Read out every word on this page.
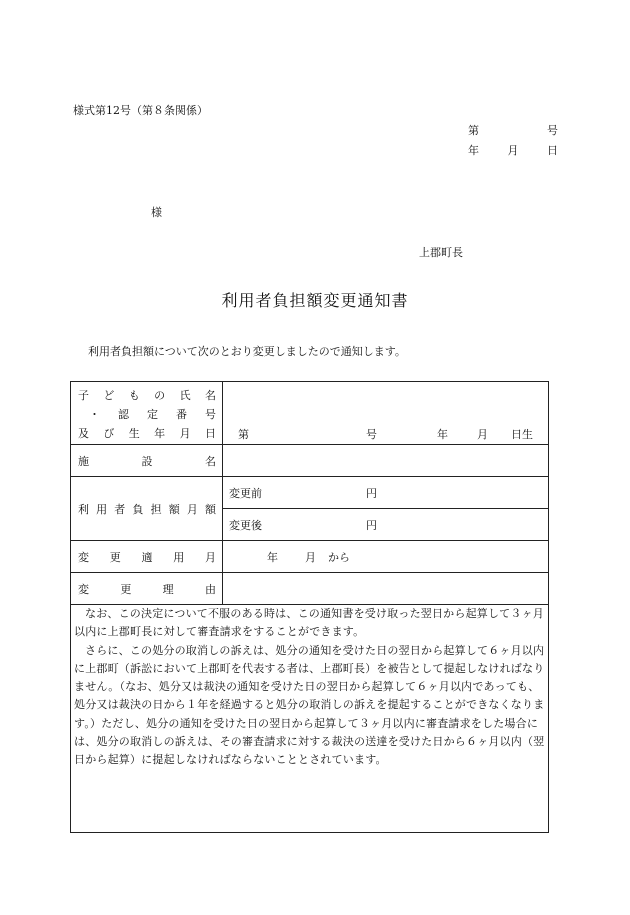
様式第12号（第８条関係）
第	号
年	月	日
様
上郡町長
利用者負担額変更通知書
利用者負担額について次のとおり変更しましたので通知します。
子 ど も の 氏 名
・ 認 定 番 号
及 び 生 年 月 日 第	号	年	月 日生
施	設	名
利 用 者 負 担 額 月 額
変更前	円
変更後	円
変 更 適 用 月	年 月 から
変	更	理	由

なお、この決定について不服のある時は、この通知書を受け取った翌日から起算して３ヶ月以内に上郡町長に対して審査請求をすることができます。

さらに、この処分の取消しの訴えは、処分の通知を受けた日の翌日から起算して６ヶ月以内に上郡町（訴訟において上郡町を代表する者は、上郡町長）を被告として提起しなければなりません。（なお、処分又は裁決の通知を受けた日の翌日から起算して６ヶ月以内であっても、処分又は裁決の日から１年を経過すると処分の取消しの訴えを提起することができなくなります。）ただし、処分の通知を受けた日の翌日から起算して３ヶ月以内に審査請求をした場合には、処分の取消しの訴えは、その審査請求に対する裁決の送達を受けた日から６ヶ月以内（翌日から起算）に提起しなければならないこととされています。
